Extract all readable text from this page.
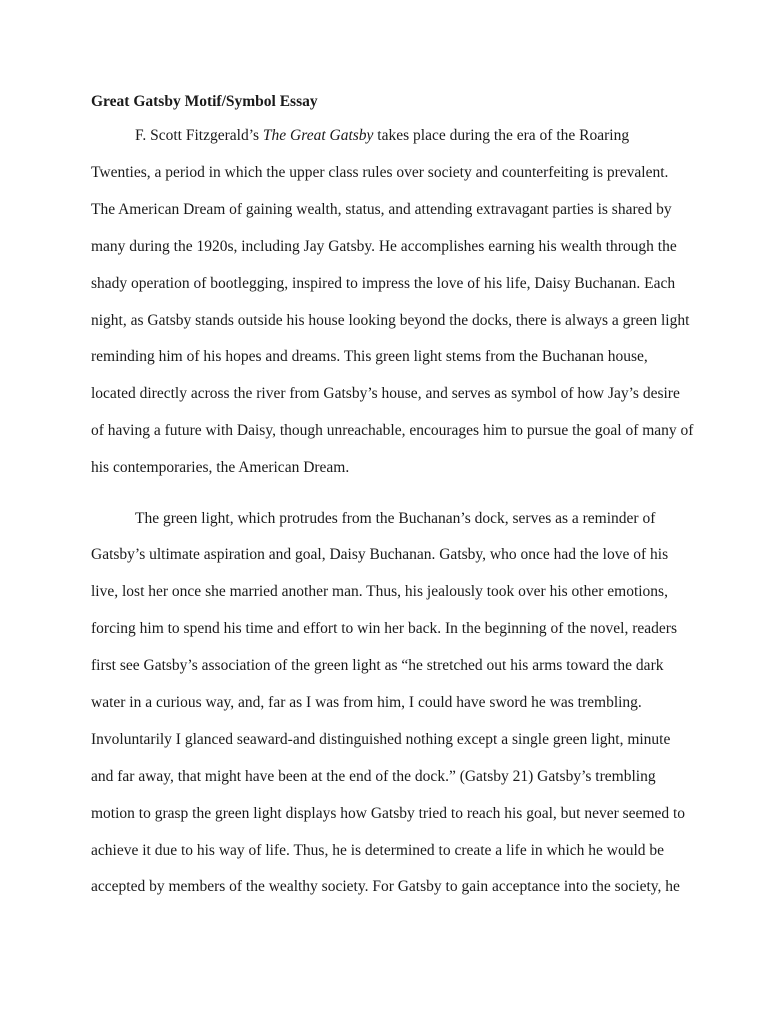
Great Gatsby Motif/Symbol Essay
F. Scott Fitzgerald’s The Great Gatsby takes place during the era of the Roaring
Twenties, a period in which the upper class rules over society and counterfeiting is prevalent.
The American Dream of gaining wealth, status, and attending extravagant parties is shared by
many during the 1920s, including Jay Gatsby. He accomplishes earning his wealth through the
shady operation of bootlegging, inspired to impress the love of his life, Daisy Buchanan. Each
night, as Gatsby stands outside his house looking beyond the docks, there is always a green light
reminding him of his hopes and dreams. This green light stems from the Buchanan house,
located directly across the river from Gatsby’s house, and serves as symbol of how Jay’s desire
of having a future with Daisy, though unreachable, encourages him to pursue the goal of many of
his contemporaries, the American Dream.
The green light, which protrudes from the Buchanan’s dock, serves as a reminder of
Gatsby’s ultimate aspiration and goal, Daisy Buchanan. Gatsby, who once had the love of his
live, lost her once she married another man. Thus, his jealously took over his other emotions,
forcing him to spend his time and effort to win her back. In the beginning of the novel, readers
first see Gatsby’s association of the green light as “he stretched out his arms toward the dark
water in a curious way, and, far as I was from him, I could have sword he was trembling.
Involuntarily I glanced seaward-and distinguished nothing except a single green light, minute
and far away, that might have been at the end of the dock.” (Gatsby 21) Gatsby’s trembling
motion to grasp the green light displays how Gatsby tried to reach his goal, but never seemed to
achieve it due to his way of life. Thus, he is determined to create a life in which he would be
accepted by members of the wealthy society. For Gatsby to gain acceptance into the society, he
